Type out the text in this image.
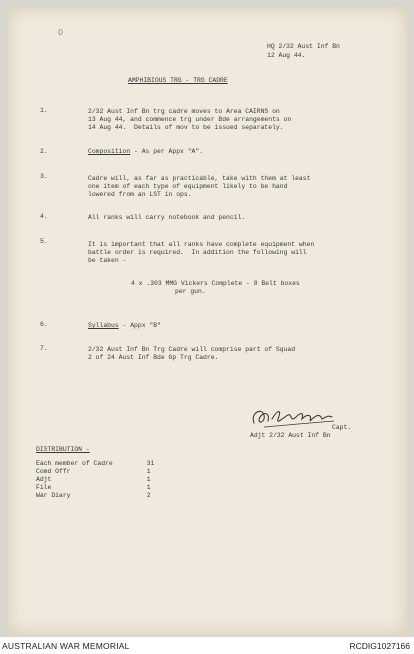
0
HQ 2/32 Aust Inf Bn
12 Aug 44.
AMPHIBIOUS TRG - TRG CADRE
1.	2/32 Aust Inf Bn trg cadre moves to Area CAIRNS on
13 Aug 44, and commence trg under Bde arrangements on
14 Aug 44.  Details of mov to be issued separately.
2.	Composition - As per Appx "A".
3.	Cadre will, as far as practicable, take with them at least
one item of each type of equipment likely to be hand
lowered from an LST in ops.
4.	All ranks will carry notebook and pencil.
5.	It is important that all ranks have complete equipment when
battle order is required.  In addition the following will
be taken -
4 x .303 MMG Vickers Complete - 8 Belt boxes
per gun.
6.	Syllabus - Appx "B"
7.	2/32 Aust Inf Bn Trg Cadre will comprise part of Squad
2 of 24 Aust Inf Bde Gp Trg Cadre.
Capt.
Adjt 2/32 Aust Inf Bn
DISTRIBUTION -
Each member of Cadre	31
Comd Offr	1
Adjt	1
File	1
War Diary	2
AUSTRALIAN WAR MEMORIAL	RCDIG1027166
